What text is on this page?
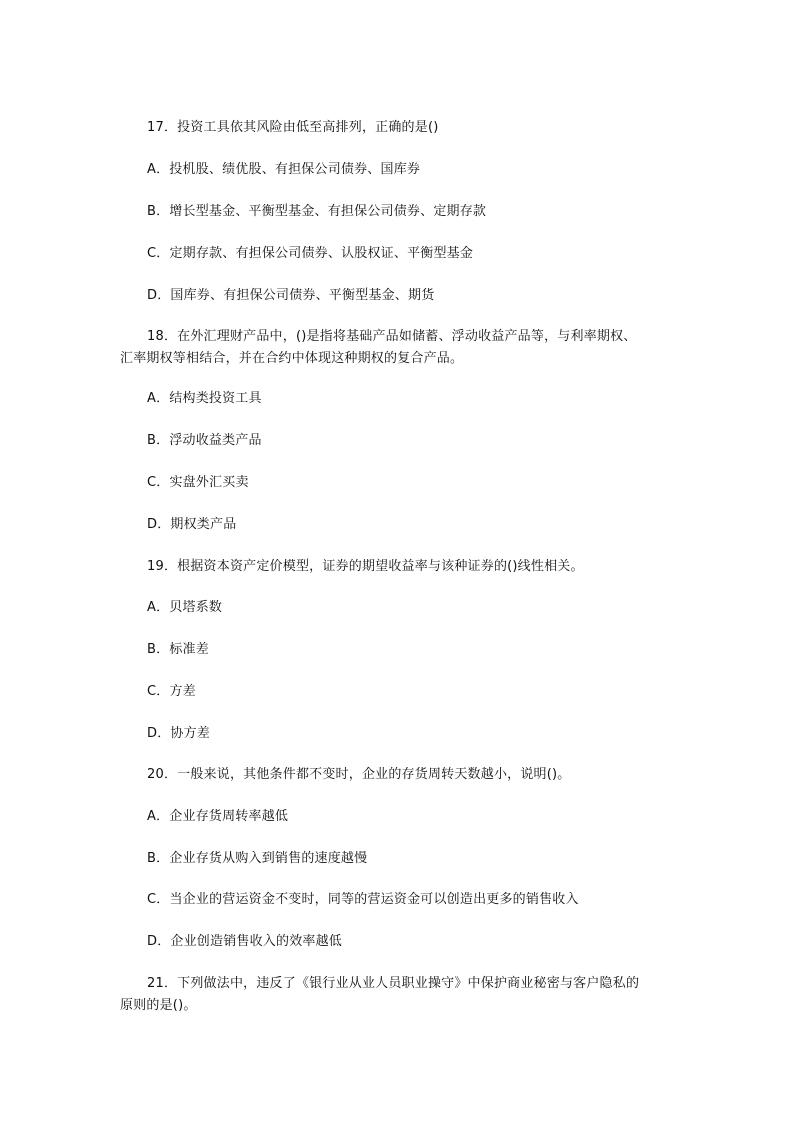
17．投资工具依其风险由低至高排列，正确的是()
A．投机股、绩优股、有担保公司债券、国库券
B．增长型基金、平衡型基金、有担保公司债券、定期存款
C．定期存款、有担保公司债券、认股权证、平衡型基金
D．国库券、有担保公司债券、平衡型基金、期货
18．在外汇理财产品中，()是指将基础产品如储蓄、浮动收益产品等，与利率期权、
汇率期权等相结合，并在合约中体现这种期权的复合产品。
A．结构类投资工具
B．浮动收益类产品
C．实盘外汇买卖
D．期权类产品
19．根据资本资产定价模型，证券的期望收益率与该种证券的()线性相关。
A．贝塔系数
B．标准差
C．方差
D．协方差
20．一般来说，其他条件都不变时，企业的存货周转天数越小，说明()。
A．企业存货周转率越低
B．企业存货从购入到销售的速度越慢
C．当企业的营运资金不变时，同等的营运资金可以创造出更多的销售收入
D．企业创造销售收入的效率越低
21．下列做法中，违反了《银行业从业人员职业操守》中保护商业秘密与客户隐私的
原则的是()。
